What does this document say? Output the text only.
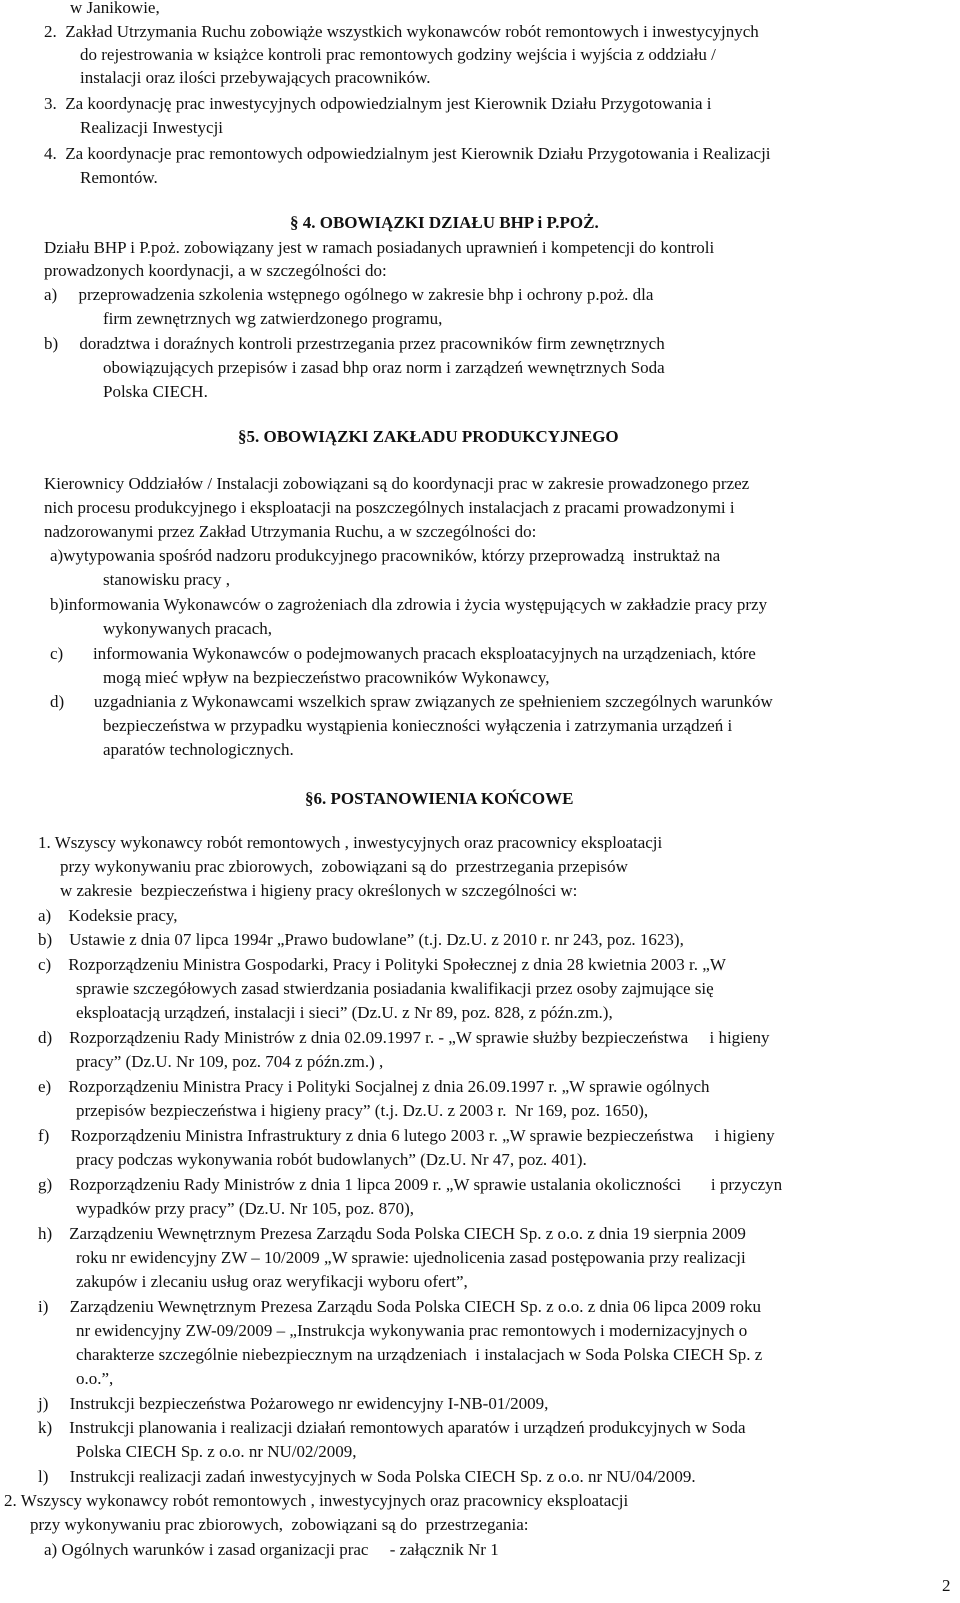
w Janikowie,
2. Zakład Utrzymania Ruchu zobowiąże wszystkich wykonawców robót remontowych i inwestycyjnych
do rejestrowania w książce kontroli prac remontowych godziny wejścia i wyjścia z oddziału /
instalacji oraz ilości przebywających pracowników.
3. Za koordynację prac inwestycyjnych odpowiedzialnym jest Kierownik Działu Przygotowania i
Realizacji Inwestycji
4. Za koordynacje prac remontowych odpowiedzialnym jest Kierownik Działu Przygotowania i Realizacji
Remontów.
§ 4. OBOWIĄZKI DZIAŁU BHP i P.POŻ.
Działu BHP i P.poż. zobowiązany jest w ramach posiadanych uprawnień i kompetencji do kontroli
prowadzonych koordynacji, a w szczególności do:
a)  przeprowadzenia szkolenia wstępnego ogólnego w zakresie bhp i ochrony p.poż. dla
firm zewnętrznych wg zatwierdzonego programu,
b)  doradztwa i doraźnych kontroli przestrzegania przez pracowników firm zewnętrznych
obowiązujących przepisów i zasad bhp oraz norm i zarządzeń wewnętrznych Soda
Polska CIECH.
§5. OBOWIĄZKI ZAKŁADU PRODUKCYJNEGO
Kierownicy Oddziałów / Instalacji zobowiązani są do koordynacji prac w zakresie prowadzonego przez
nich procesu produkcyjnego i eksploatacji na poszczególnych instalacjach z pracami prowadzonymi i
nadzorowanymi przez Zakład Utrzymania Ruchu, a w szczególności do:
a)wytypowania spośród nadzoru produkcyjnego pracowników, którzy przeprowadzą instruktaż na
stanowisku pracy ,
b)informowania Wykonawców o zagrożeniach dla zdrowia i życia występujących w zakładzie pracy przy
wykonywanych pracach,
c)   informowania Wykonawców o podejmowanych pracach eksploatacyjnych na urządzeniach, które
mogą mieć wpływ na bezpieczeństwo pracowników Wykonawcy,
d)   uzgadniania z Wykonawcami wszelkich spraw związanych ze spełnieniem szczególnych warunków
bezpieczeństwa w przypadku wystąpienia konieczności wyłączenia i zatrzymania urządzeń i
aparatów technologicznych.
§6. POSTANOWIENIA KOŃCOWE
1. Wszyscy wykonawcy robót remontowych , inwestycyjnych oraz pracownicy eksploatacji
przy wykonywaniu prac zbiorowych, zobowiązani są do przestrzegania przepisów
w zakresie bezpieczeństwa i higieny pracy określonych w szczególności w:
a) Kodeksie pracy,
b) Ustawie z dnia 07 lipca 1994r „Prawo budowlane” (t.j. Dz.U. z 2010 r. nr 243, poz. 1623),
c) Rozporządzeniu Ministra Gospodarki, Pracy i Polityki Społecznej z dnia 28 kwietnia 2003 r. „W
sprawie szczegółowych zasad stwierdzania posiadania kwalifikacji przez osoby zajmujące się
eksploatacją urządzeń, instalacji i sieci” (Dz.U. z Nr 89, poz. 828, z późn.zm.),
d) Rozporządzeniu Rady Ministrów z dnia 02.09.1997 r. - „W sprawie służby bezpieczeństwa  i higieny
pracy” (Dz.U. Nr 109, poz. 704 z późn.zm.) ,
e) Rozporządzeniu Ministra Pracy i Polityki Socjalnej z dnia 26.09.1997 r. „W sprawie ogólnych
przepisów bezpieczeństwa i higieny pracy” (t.j. Dz.U. z 2003 r. Nr 169, poz. 1650),
f)  Rozporządzeniu Ministra Infrastruktury z dnia 6 lutego 2003 r. „W sprawie bezpieczeństwa  i higieny
pracy podczas wykonywania robót budowlanych” (Dz.U. Nr 47, poz. 401).
g) Rozporządzeniu Rady Ministrów z dnia 1 lipca 2009 r. „W sprawie ustalania okoliczności   i przyczyn
wypadków przy pracy” (Dz.U. Nr 105, poz. 870),
h) Zarządzeniu Wewnętrznym Prezesa Zarządu Soda Polska CIECH Sp. z o.o. z dnia 19 sierpnia 2009
roku nr ewidencyjny ZW – 10/2009 „W sprawie: ujednolicenia zasad postępowania przy realizacji
zakupów i zlecaniu usług oraz weryfikacji wyboru ofert”,
i)  Zarządzeniu Wewnętrznym Prezesa Zarządu Soda Polska CIECH Sp. z o.o. z dnia 06 lipca 2009 roku
nr ewidencyjny ZW-09/2009 – „Instrukcja wykonywania prac remontowych i modernizacyjnych o
charakterze szczególnie niebezpiecznym na urządzeniach i instalacjach w Soda Polska CIECH Sp. z
o.o.”,
j)  Instrukcji bezpieczeństwa Pożarowego nr ewidencyjny I-NB-01/2009,
k) Instrukcji planowania i realizacji działań remontowych aparatów i urządzeń produkcyjnych w Soda
Polska CIECH Sp. z o.o. nr NU/02/2009,
l)  Instrukcji realizacji zadań inwestycyjnych w Soda Polska CIECH Sp. z o.o. nr NU/04/2009.
2. Wszyscy wykonawcy robót remontowych , inwestycyjnych oraz pracownicy eksploatacji
przy wykonywaniu prac zbiorowych, zobowiązani są do przestrzegania:
a) Ogólnych warunków i zasad organizacji prac  - załącznik Nr 1
2
